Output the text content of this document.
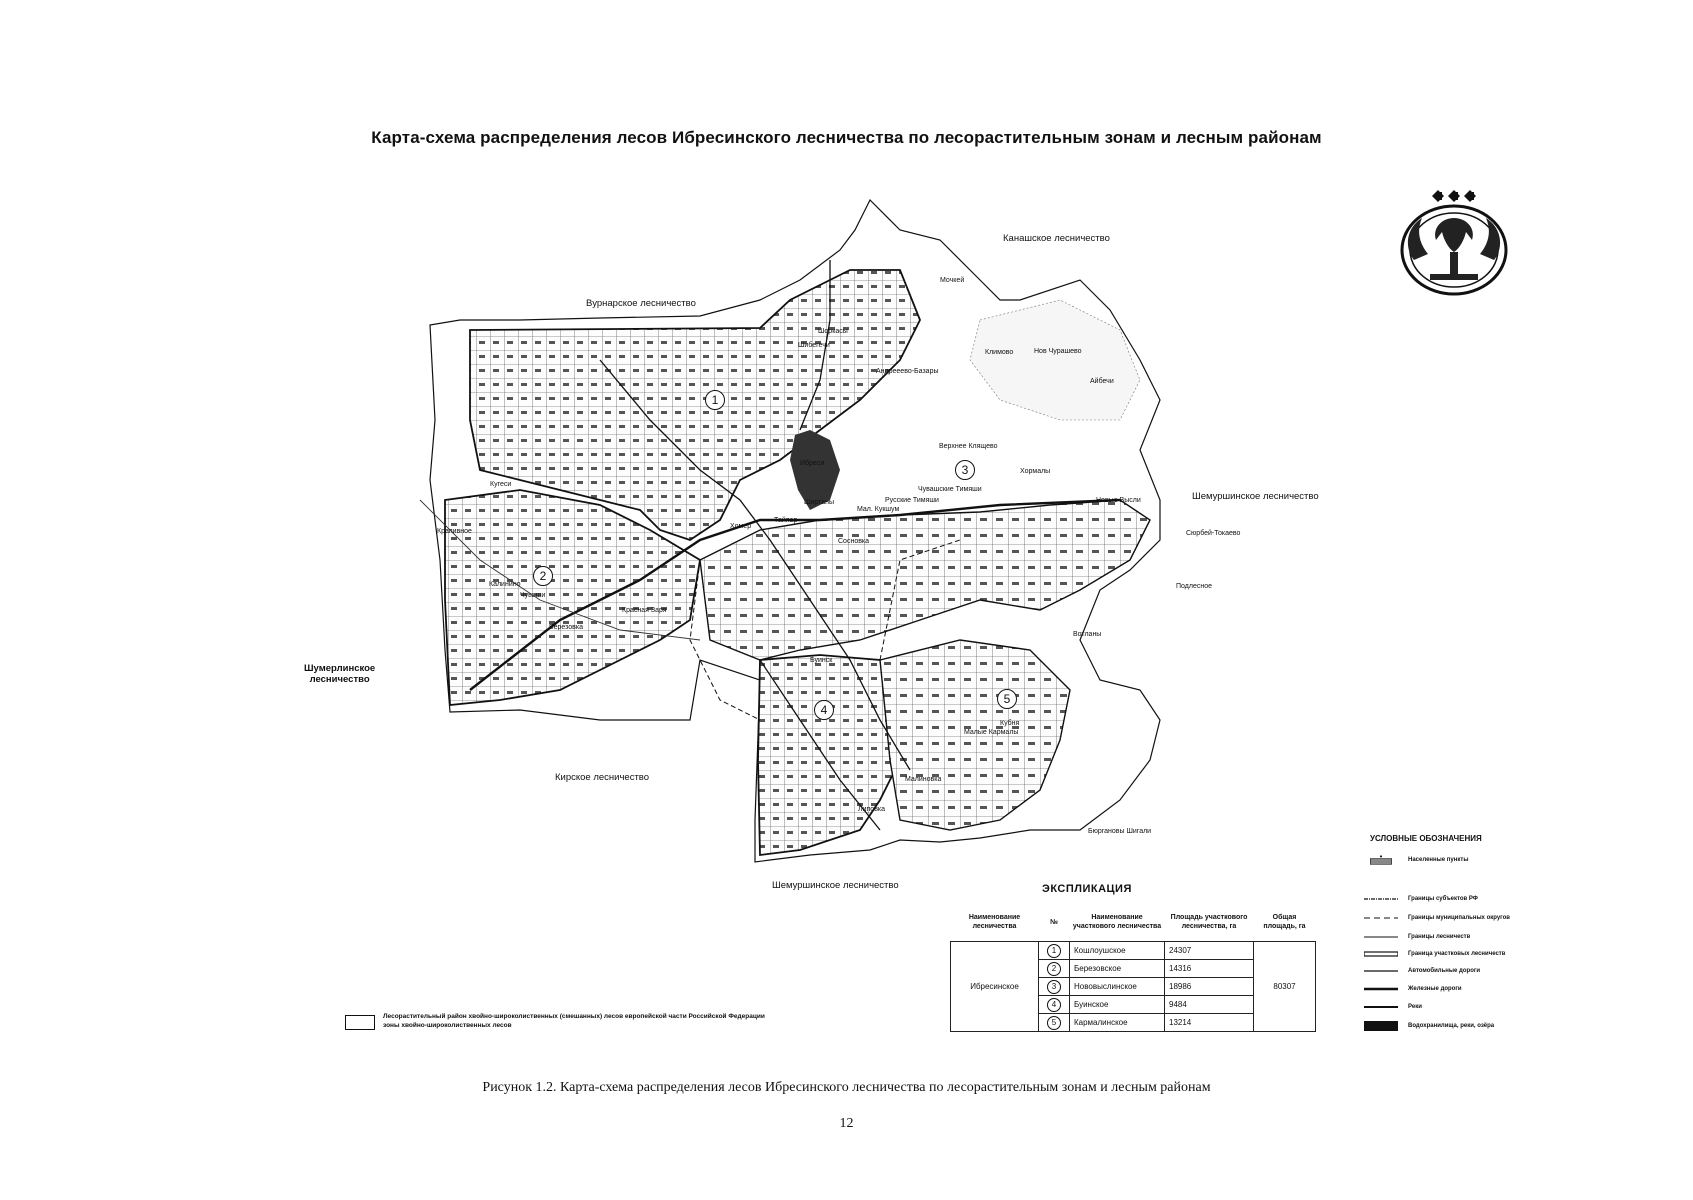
Карта-схема распределения лесов Ибресинского лесничества по лесорастительным зонам и лесным районам
Канашское лесничество
Вурнарское лесничество
Шемуршинское лесничество
Шумерлинское
лесничество
Кирское лесничество
Шемуршинское лесничество
1
2
3
4
5
Мочкей
Шибегечи
Шоркасы
Климово	Нов Чурашево
Ибреси
Верхнее Клящево
Хормалы
Чувашские Тимяши
Русские Тимяши
Ширтаны
Мал. Кукшум
Тайяар
Хомер
Сосновка
Новые Высли
Сюрбей-Токаево
Подлесное
Калинино
Чуваши
Березовка
Красная Заря
Крапивное
Кугеси
Буинск
Вотланы
Кубня
Малые Кармалы
Малиновка
Липовка
Бюргановы Шигали
Айбечи
Андрееево-Базары
ЭКСПЛИКАЦИЯ
Наименование лесничества	№	Наименование участкового лесничества	Площадь участкового лесничества, га	Общая площадь, га
Ибресинское	1	Кошлоушское	24307	80307
	2	Березовское	14316	
	3	Нововыслинское	18986	
	4	Буинское	9484	
	5	Кармалинское	13214	
УСЛОВНЫЕ ОБОЗНАЧЕНИЯ
Населенные пункты
Границы субъектов РФ
Границы муниципальных округов
Границы лесничеств
Граница участковых лесничеств
Автомобильные дороги
Железные дороги
Реки
Водохранилища, реки, озёра
Лесорастительный район хвойно-широколиственных (смешанных) лесов европейской части Российской Федерации зоны хвойно-широколиственных лесов
Рисунок 1.2. Карта-схема распределения лесов Ибресинского лесничества по лесорастительным зонам и лесным районам
12
